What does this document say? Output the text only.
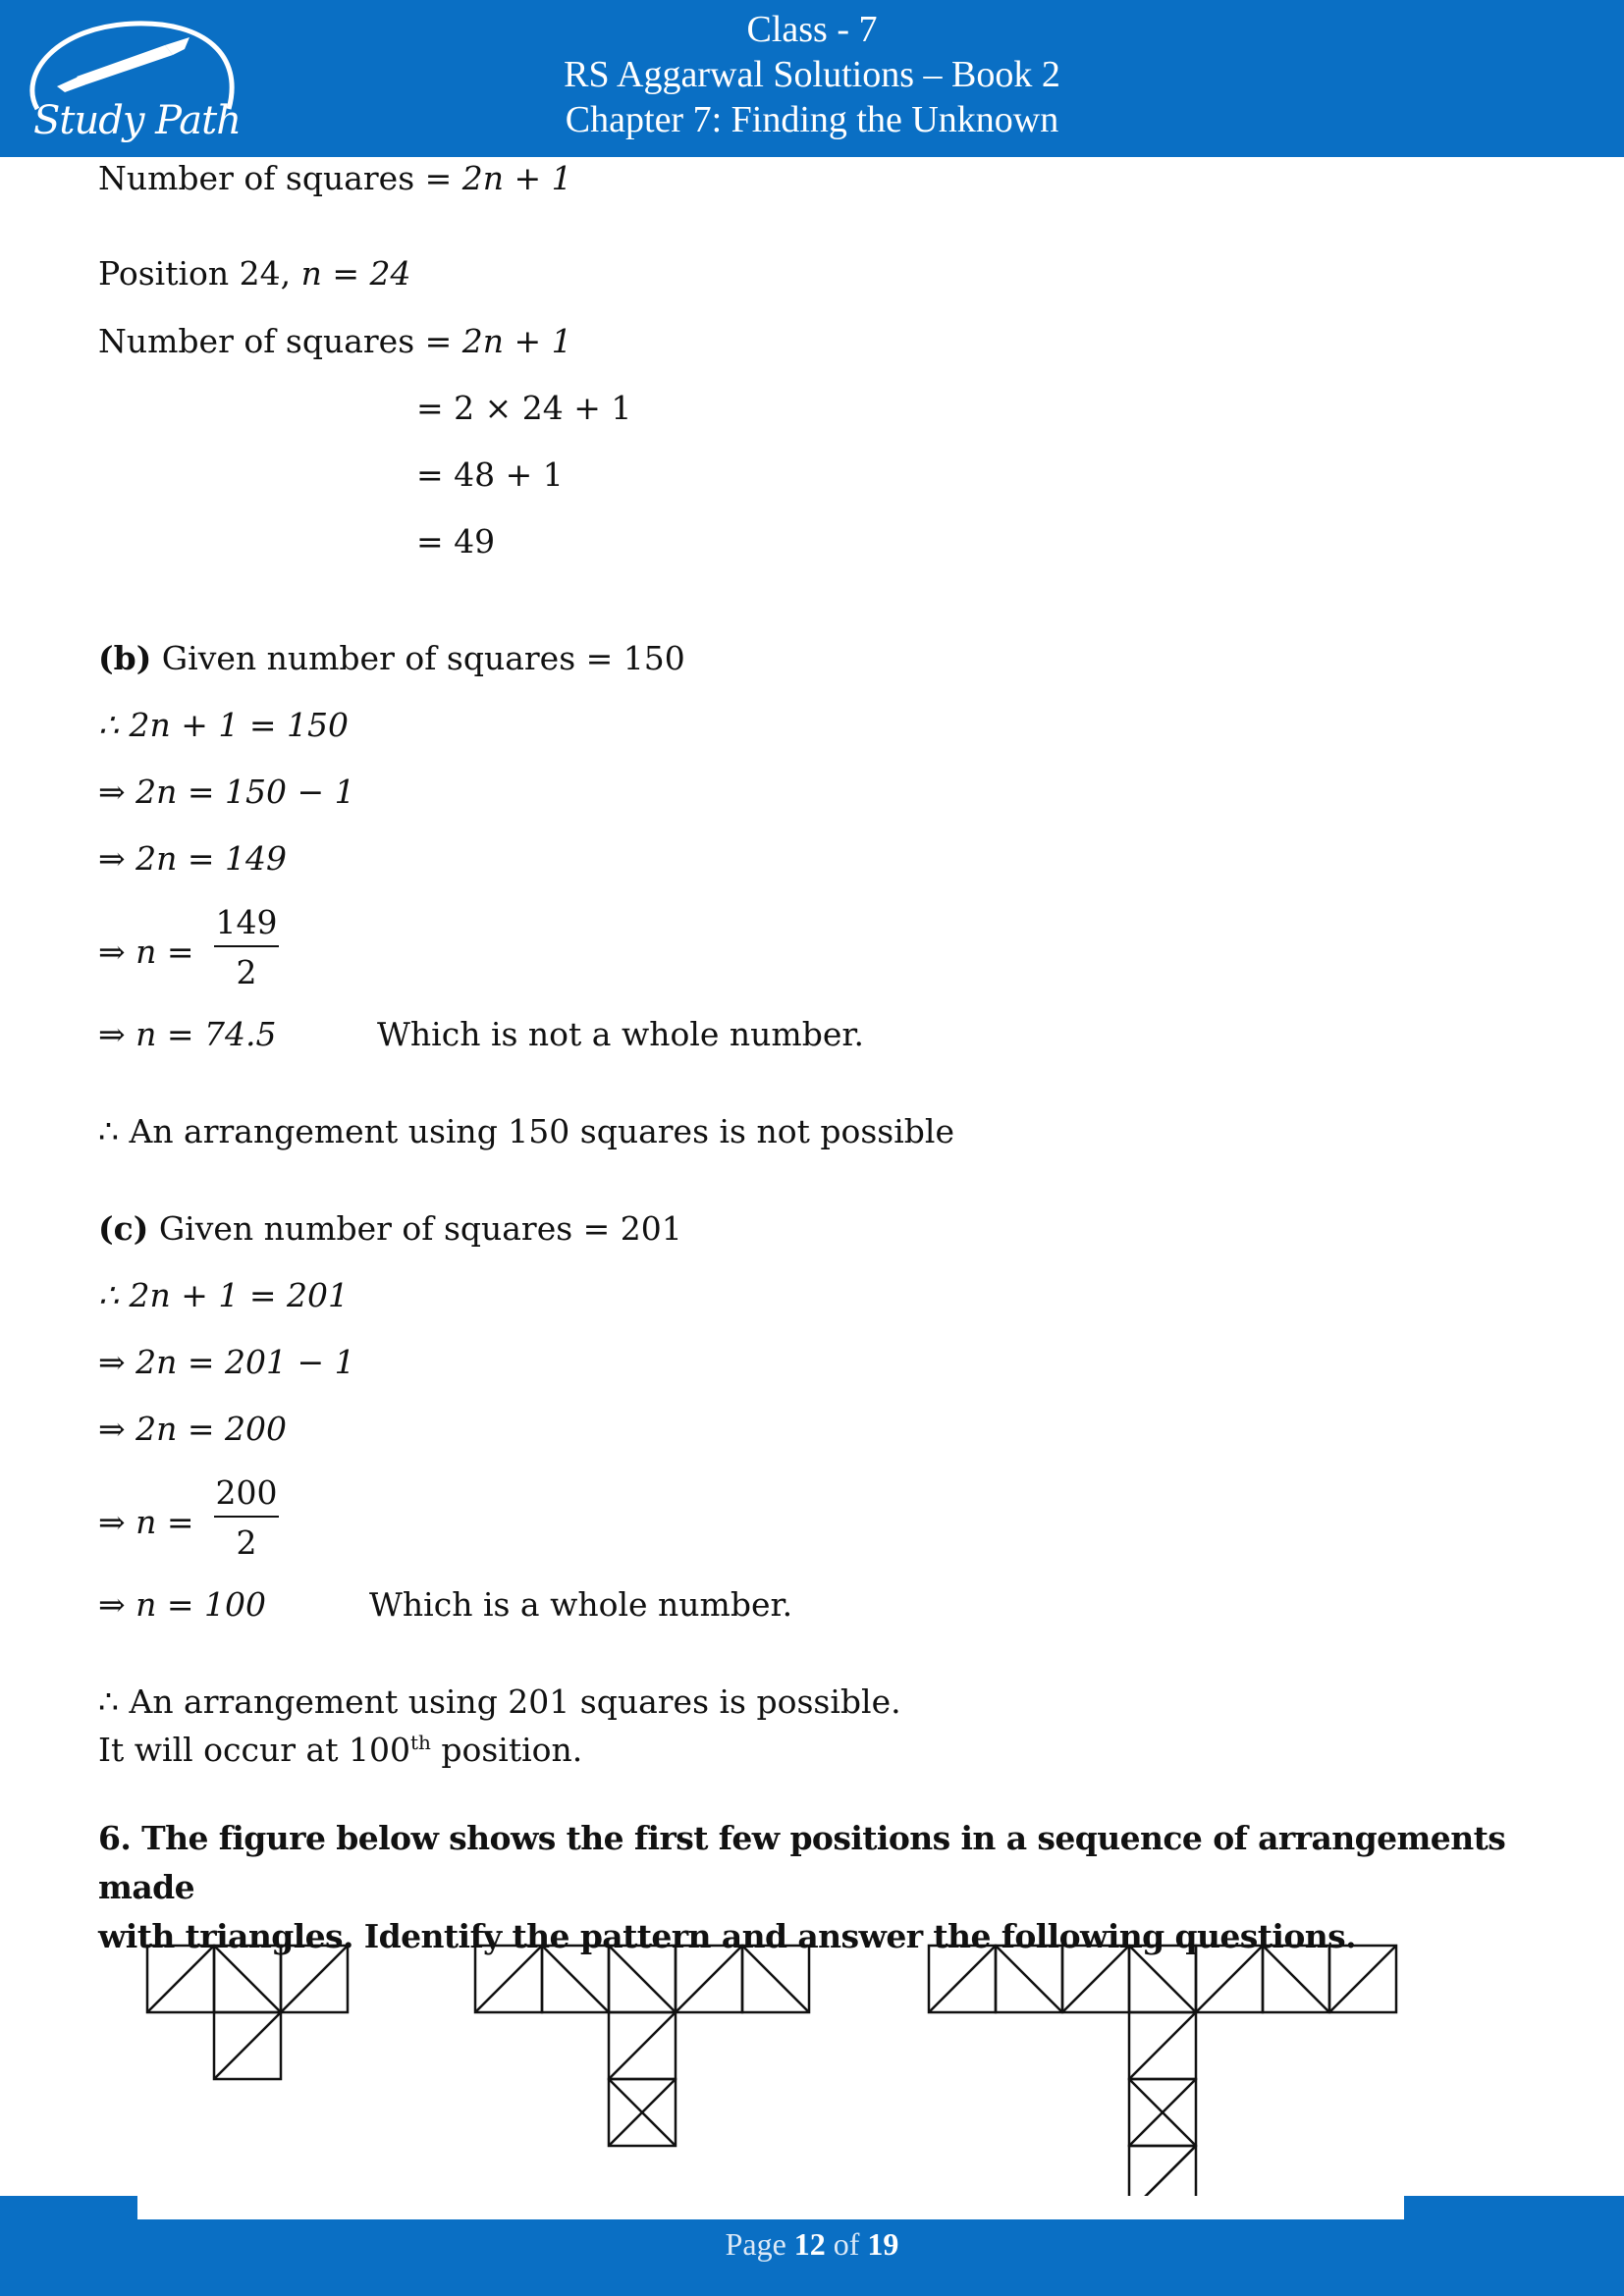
Study Path
Class - 7
RS Aggarwal Solutions – Book 2
Chapter 7: Finding the Unknown
Number of squares = 2n + 1
Position 24, n = 24
Number of squares = 2n + 1
= 2 × 24 + 1
= 48 + 1
= 49
(b) Given number of squares = 150
∴ 2n + 1 = 150
⇒ 2n = 150 − 1
⇒ 2n = 149
⇒ $n = \frac{149}{2}$
⇒ n = 74.5	Which is not a whole number.
∴ An arrangement using 150 squares is not possible
(c) Given number of squares = 201
∴ 2n + 1 = 201
⇒ 2n = 201 − 1
⇒ 2n = 200
⇒ $n = \frac{200}{2}$
⇒ n = 100	Which is a whole number.
∴ An arrangement using 201 squares is possible.
It will occur at 100th position.
6. The figure below shows the first few positions in a sequence of arrangements made
with triangles. Identify the pattern and answer the following questions.
Page 12 of 19
